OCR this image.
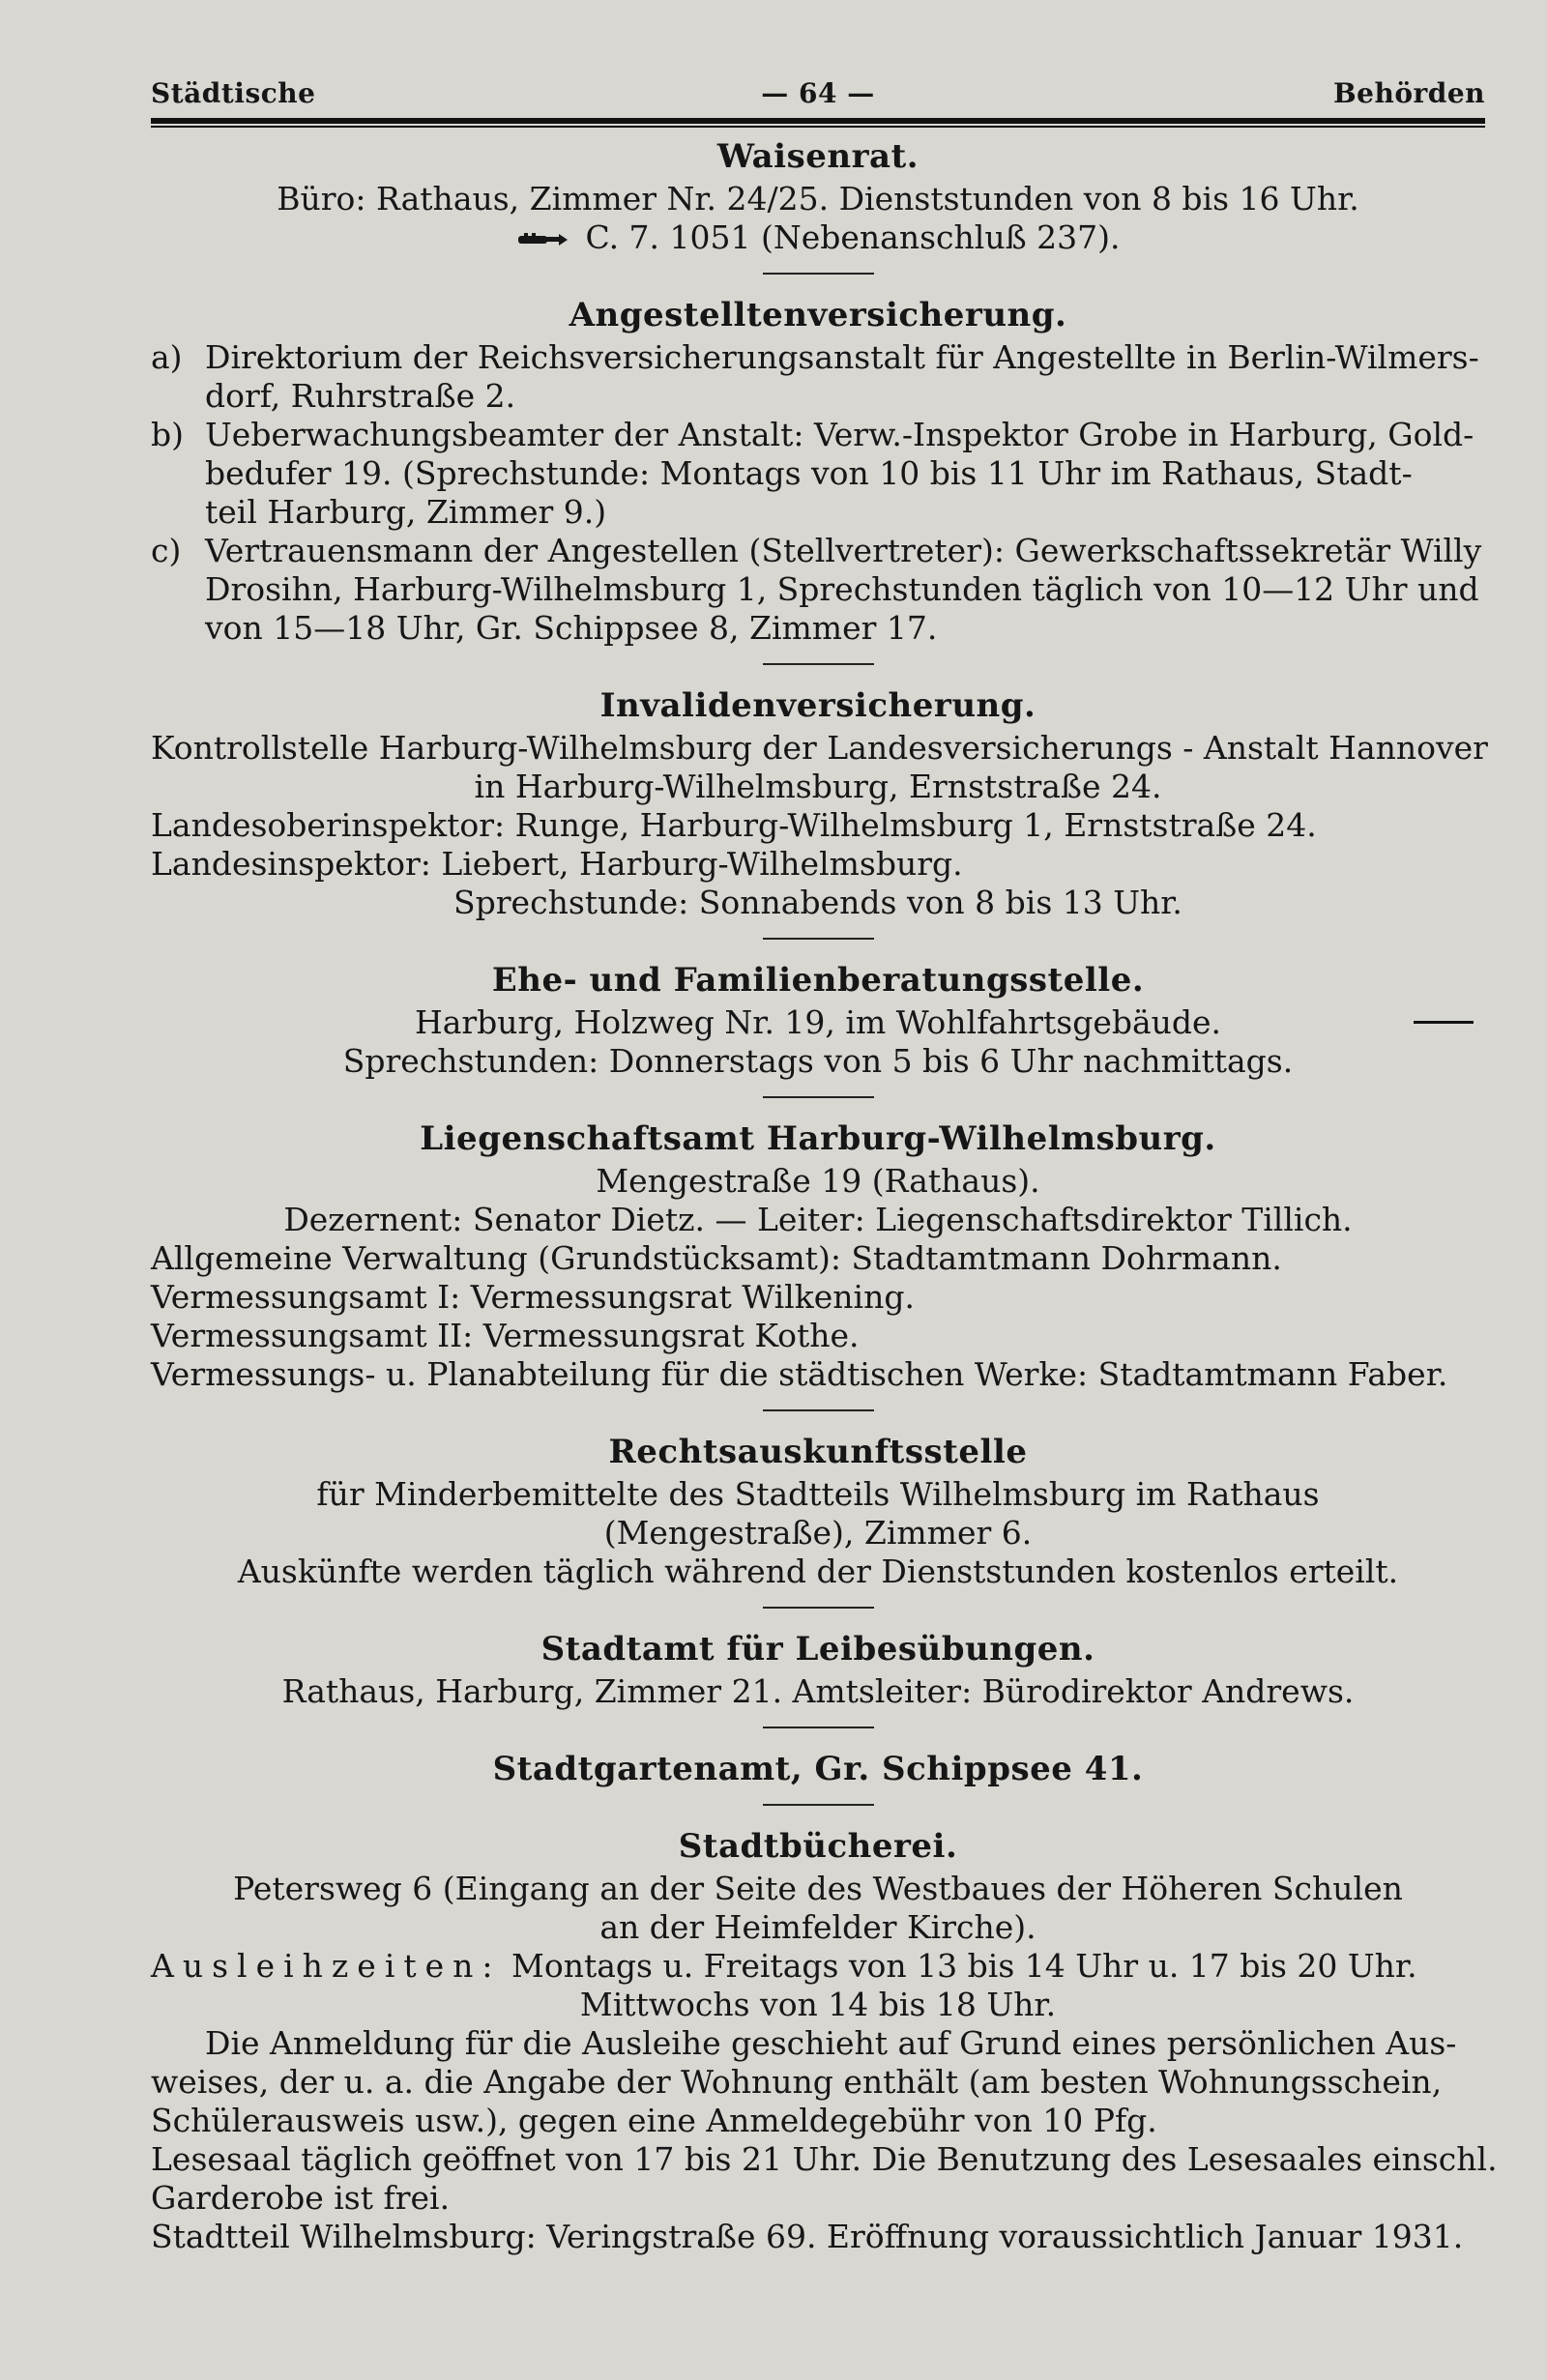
Städtische	— 64 —	Behörden
Waisenrat.
Büro: Rathaus, Zimmer Nr. 24/25. Dienststunden von 8 bis 16 Uhr.
C. 7. 1051 (Nebenanschluß 237).
Angestelltenversicherung.
a) Direktorium der Reichsversicherungsanstalt für Angestellte in Berlin-Wilmers-
dorf, Ruhrstraße 2.
b) Ueberwachungsbeamter der Anstalt: Verw.-Inspektor Grobe in Harburg, Gold-
bedufer 19. (Sprechstunde: Montags von 10 bis 11 Uhr im Rathaus, Stadt-
teil Harburg, Zimmer 9.)
c) Vertrauensmann der Angestellen (Stellvertreter): Gewerkschaftssekretär Willy
Drosihn, Harburg-Wilhelmsburg 1, Sprechstunden täglich von 10—12 Uhr und
von 15—18 Uhr, Gr. Schippsee 8, Zimmer 17.
Invalidenversicherung.
Kontrollstelle Harburg-Wilhelmsburg der Landesversicherungs - Anstalt Hannover
in Harburg-Wilhelmsburg, Ernststraße 24.
Landesoberinspektor: Runge, Harburg-Wilhelmsburg 1, Ernststraße 24.
Landesinspektor: Liebert, Harburg-Wilhelmsburg.
Sprechstunde: Sonnabends von 8 bis 13 Uhr.
Ehe- und Familienberatungsstelle.
Harburg, Holzweg Nr. 19, im Wohlfahrtsgebäude.
Sprechstunden: Donnerstags von 5 bis 6 Uhr nachmittags.
Liegenschaftsamt Harburg-Wilhelmsburg.
Mengestraße 19 (Rathaus).
Dezernent: Senator Dietz. — Leiter: Liegenschaftsdirektor Tillich.
Allgemeine Verwaltung (Grundstücksamt): Stadtamtmann Dohrmann.
Vermessungsamt I: Vermessungsrat Wilkening.
Vermessungsamt II: Vermessungsrat Kothe.
Vermessungs- u. Planabteilung für die städtischen Werke: Stadtamtmann Faber.
Rechtsauskunftsstelle
für Minderbemittelte des Stadtteils Wilhelmsburg im Rathaus
(Mengestraße), Zimmer 6.
Auskünfte werden täglich während der Dienststunden kostenlos erteilt.
Stadtamt für Leibesübungen.
Rathaus, Harburg, Zimmer 21. Amtsleiter: Bürodirektor Andrews.
Stadtgartenamt, Gr. Schippsee 41.
Stadtbücherei.
Petersweg 6 (Eingang an der Seite des Westbaues der Höheren Schulen
an der Heimfelder Kirche).
Ausleihzeiten: Montags u. Freitags von 13 bis 14 Uhr u. 17 bis 20 Uhr.
Mittwochs von 14 bis 18 Uhr.
Die Anmeldung für die Ausleihe geschieht auf Grund eines persönlichen Aus-
weises, der u. a. die Angabe der Wohnung enthält (am besten Wohnungsschein,
Schülerausweis usw.), gegen eine Anmeldegebühr von 10 Pfg.
Lesesaal täglich geöffnet von 17 bis 21 Uhr. Die Benutzung des Lesesaales einschl.
Garderobe ist frei.
Stadtteil Wilhelmsburg: Veringstraße 69. Eröffnung voraussichtlich Januar 1931.
